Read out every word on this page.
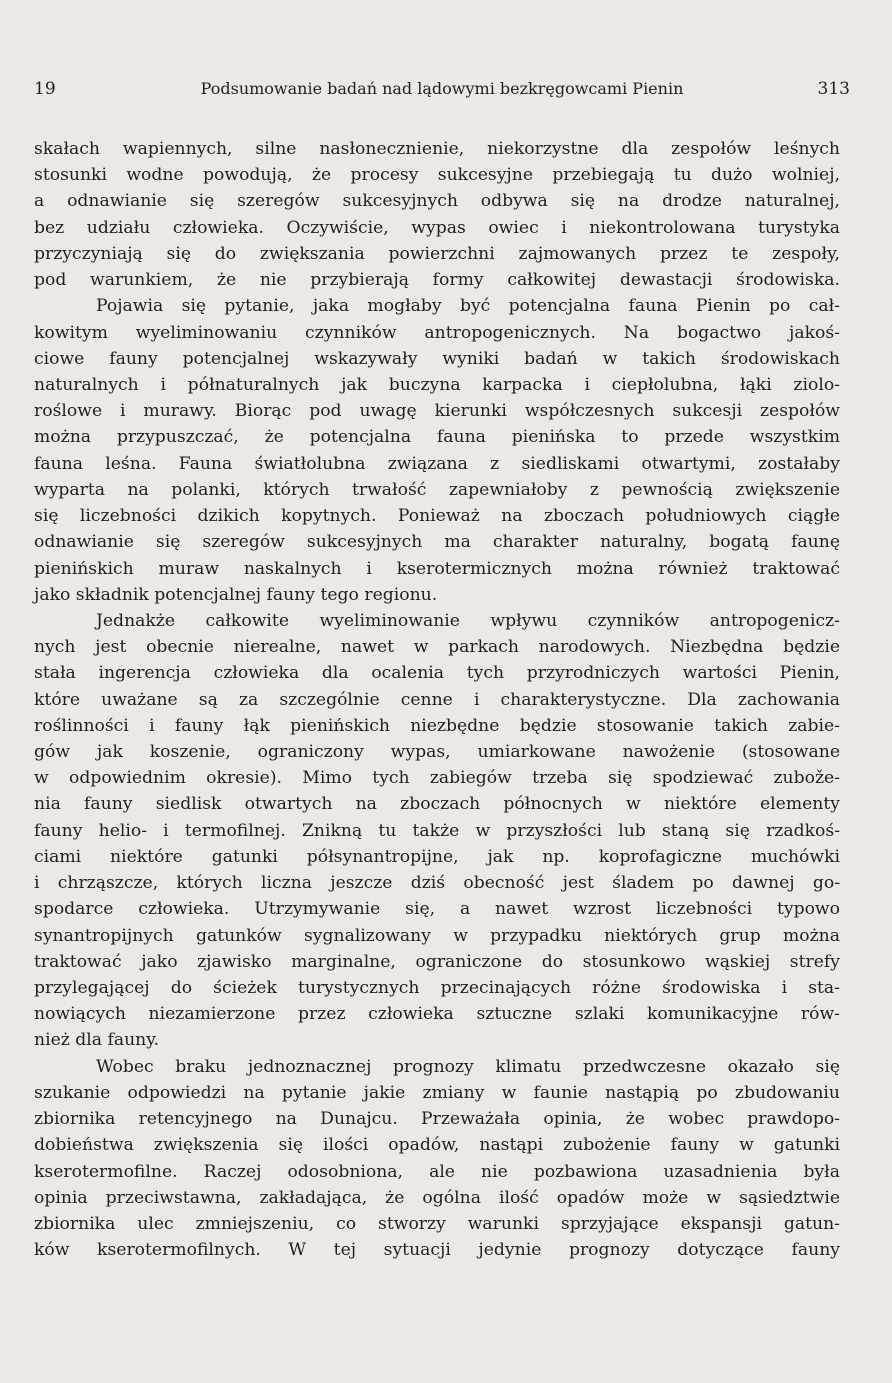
19	Podsumowanie badań nad lądowymi bezkręgowcami Pienin	313
skałach wapiennych, silne nasłonecznienie, niekorzystne dla zespołów leśnych
stosunki wodne powodują, że procesy sukcesyjne przebiegają tu dużo wolniej,
a odnawianie się szeregów sukcesyjnych odbywa się na drodze naturalnej,
bez udziału człowieka. Oczywiście, wypas owiec i niekontrolowana turystyka
przyczyniają się do zwiększania powierzchni zajmowanych przez te zespoły,
pod warunkiem, że nie przybierają formy całkowitej dewastacji środowiska.
Pojawia się pytanie, jaka mogłaby być potencjalna fauna Pienin po cał-
kowitym wyeliminowaniu czynników antropogenicznych. Na bogactwo jakoś-
ciowe fauny potencjalnej wskazywały wyniki badań w takich środowiskach
naturalnych i półnaturalnych jak buczyna karpacka i ciepłolubna, łąki ziolo-
roślowe i murawy. Biorąc pod uwagę kierunki współczesnych sukcesji zespołów
można przypuszczać, że potencjalna fauna pienińska to przede wszystkim
fauna leśna. Fauna światłolubna związana z siedliskami otwartymi, zostałaby
wyparta na polanki, których trwałość zapewniałoby z pewnością zwiększenie
się liczebności dzikich kopytnych. Ponieważ na zboczach południowych ciągłe
odnawianie się szeregów sukcesyjnych ma charakter naturalny, bogatą faunę
pienińskich muraw naskalnych i kserotermicznych można również traktować
jako składnik potencjalnej fauny tego regionu.
Jednakże całkowite wyeliminowanie wpływu czynników antropogenicz-
nych jest obecnie nierealne, nawet w parkach narodowych. Niezbędna będzie
stała ingerencja człowieka dla ocalenia tych przyrodniczych wartości Pienin,
które uważane są za szczególnie cenne i charakterystyczne. Dla zachowania
roślinności i fauny łąk pienińskich niezbędne będzie stosowanie takich zabie-
gów jak koszenie, ograniczony wypas, umiarkowane nawożenie (stosowane
w odpowiednim okresie). Mimo tych zabiegów trzeba się spodziewać zubože-
nia fauny siedlisk otwartych na zboczach północnych w niektóre elementy
fauny helio- i termofilnej. Znikną tu także w przyszłości lub staną się rzadkoś-
ciami niektóre gatunki półsynantropijne, jak np. koprofagiczne muchówki
i chrząszcze, których liczna jeszcze dziś obecność jest śladem po dawnej go-
spodarce człowieka. Utrzymywanie się, a nawet wzrost liczebności typowo
synantropijnych gatunków sygnalizowany w przypadku niektórych grup można
traktować jako zjawisko marginalne, ograniczone do stosunkowo wąskiej strefy
przylegającej do ścieżek turystycznych przecinających różne środowiska i sta-
nowiących niezamierzone przez człowieka sztuczne szlaki komunikacyjne rów-
nież dla fauny.
Wobec braku jednoznacznej prognozy klimatu przedwczesne okazało się
szukanie odpowiedzi na pytanie jakie zmiany w faunie nastąpią po zbudowaniu
zbiornika retencyjnego na Dunajcu. Przeważała opinia, że wobec prawdopo-
dobieństwa zwiększenia się ilości opadów, nastąpi zubożenie fauny w gatunki
kserotermofilne. Raczej odosobniona, ale nie pozbawiona uzasadnienia była
opinia przeciwstawna, zakładająca, że ogólna ilość opadów może w sąsiedztwie
zbiornika ulec zmniejszeniu, co stworzy warunki sprzyjające ekspansji gatun-
ków kserotermofilnych. W tej sytuacji jedynie prognozy dotyczące fauny
